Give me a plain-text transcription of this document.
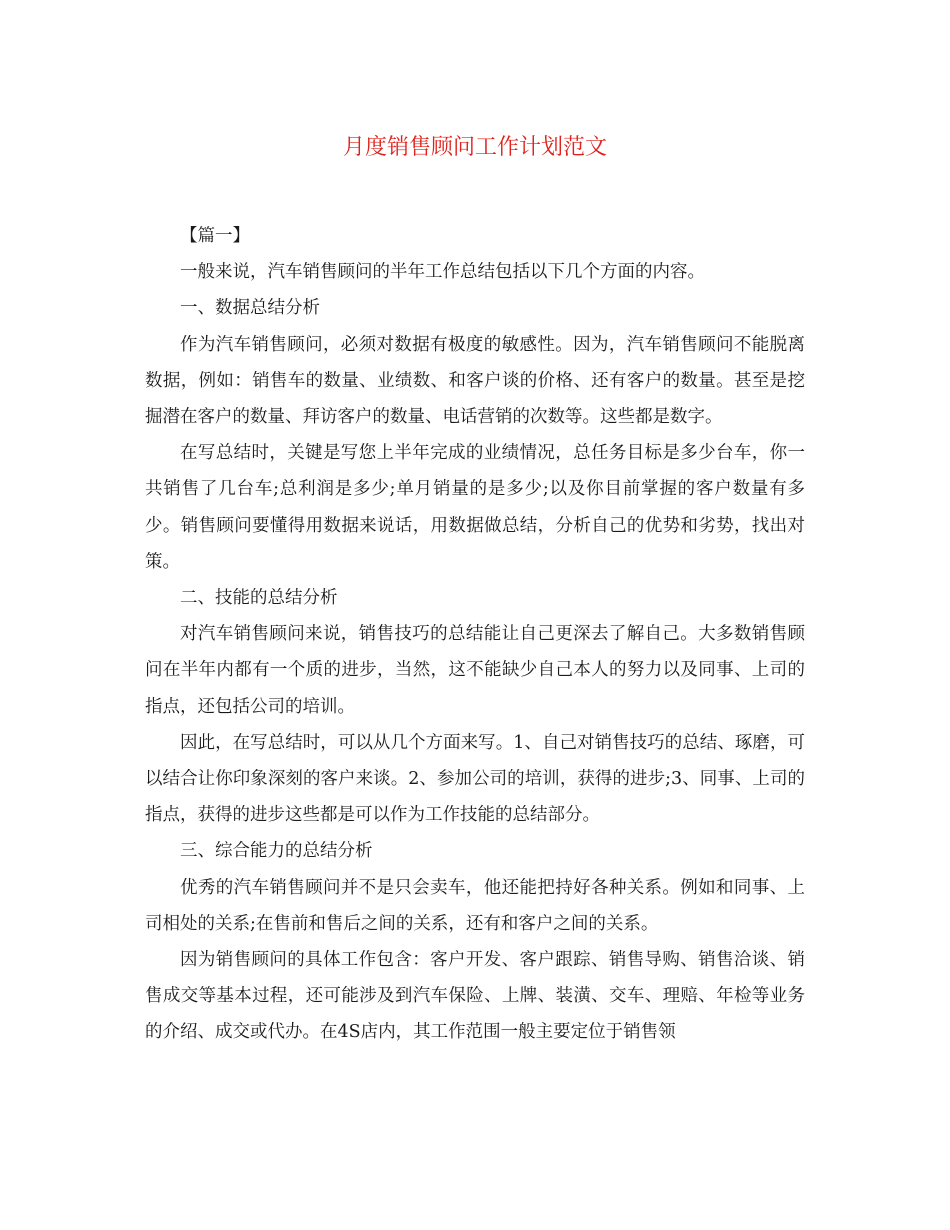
月度销售顾问工作计划范文

【篇一】

一般来说，汽车销售顾问的半年工作总结包括以下几个方面的内容。

一、数据总结分析

作为汽车销售顾问，必须对数据有极度的敏感性。因为，汽车销售顾问不能脱离数据，例如：销售车的数量、业绩数、和客户谈的价格、还有客户的数量。甚至是挖掘潜在客户的数量、拜访客户的数量、电话营销的次数等。这些都是数字。

在写总结时，关键是写您上半年完成的业绩情况，总任务目标是多少台车，你一共销售了几台车;总利润是多少;单月销量的是多少;以及你目前掌握的客户数量有多少。销售顾问要懂得用数据来说话，用数据做总结，分析自己的优势和劣势，找出对策。

二、技能的总结分析

对汽车销售顾问来说，销售技巧的总结能让自己更深去了解自己。大多数销售顾问在半年内都有一个质的进步，当然，这不能缺少自己本人的努力以及同事、上司的指点，还包括公司的培训。

因此，在写总结时，可以从几个方面来写。1、自己对销售技巧的总结、琢磨，可以结合让你印象深刻的客户来谈。2、参加公司的培训，获得的进步;3、同事、上司的指点，获得的进步这些都是可以作为工作技能的总结部分。

三、综合能力的总结分析

优秀的汽车销售顾问并不是只会卖车，他还能把持好各种关系。例如和同事、上司相处的关系;在售前和售后之间的关系，还有和客户之间的关系。

因为销售顾问的具体工作包含：客户开发、客户跟踪、销售导购、销售洽谈、销售成交等基本过程，还可能涉及到汽车保险、上牌、装潢、交车、理赔、年检等业务的介绍、成交或代办。在4S店内，其工作范围一般主要定位于销售领
